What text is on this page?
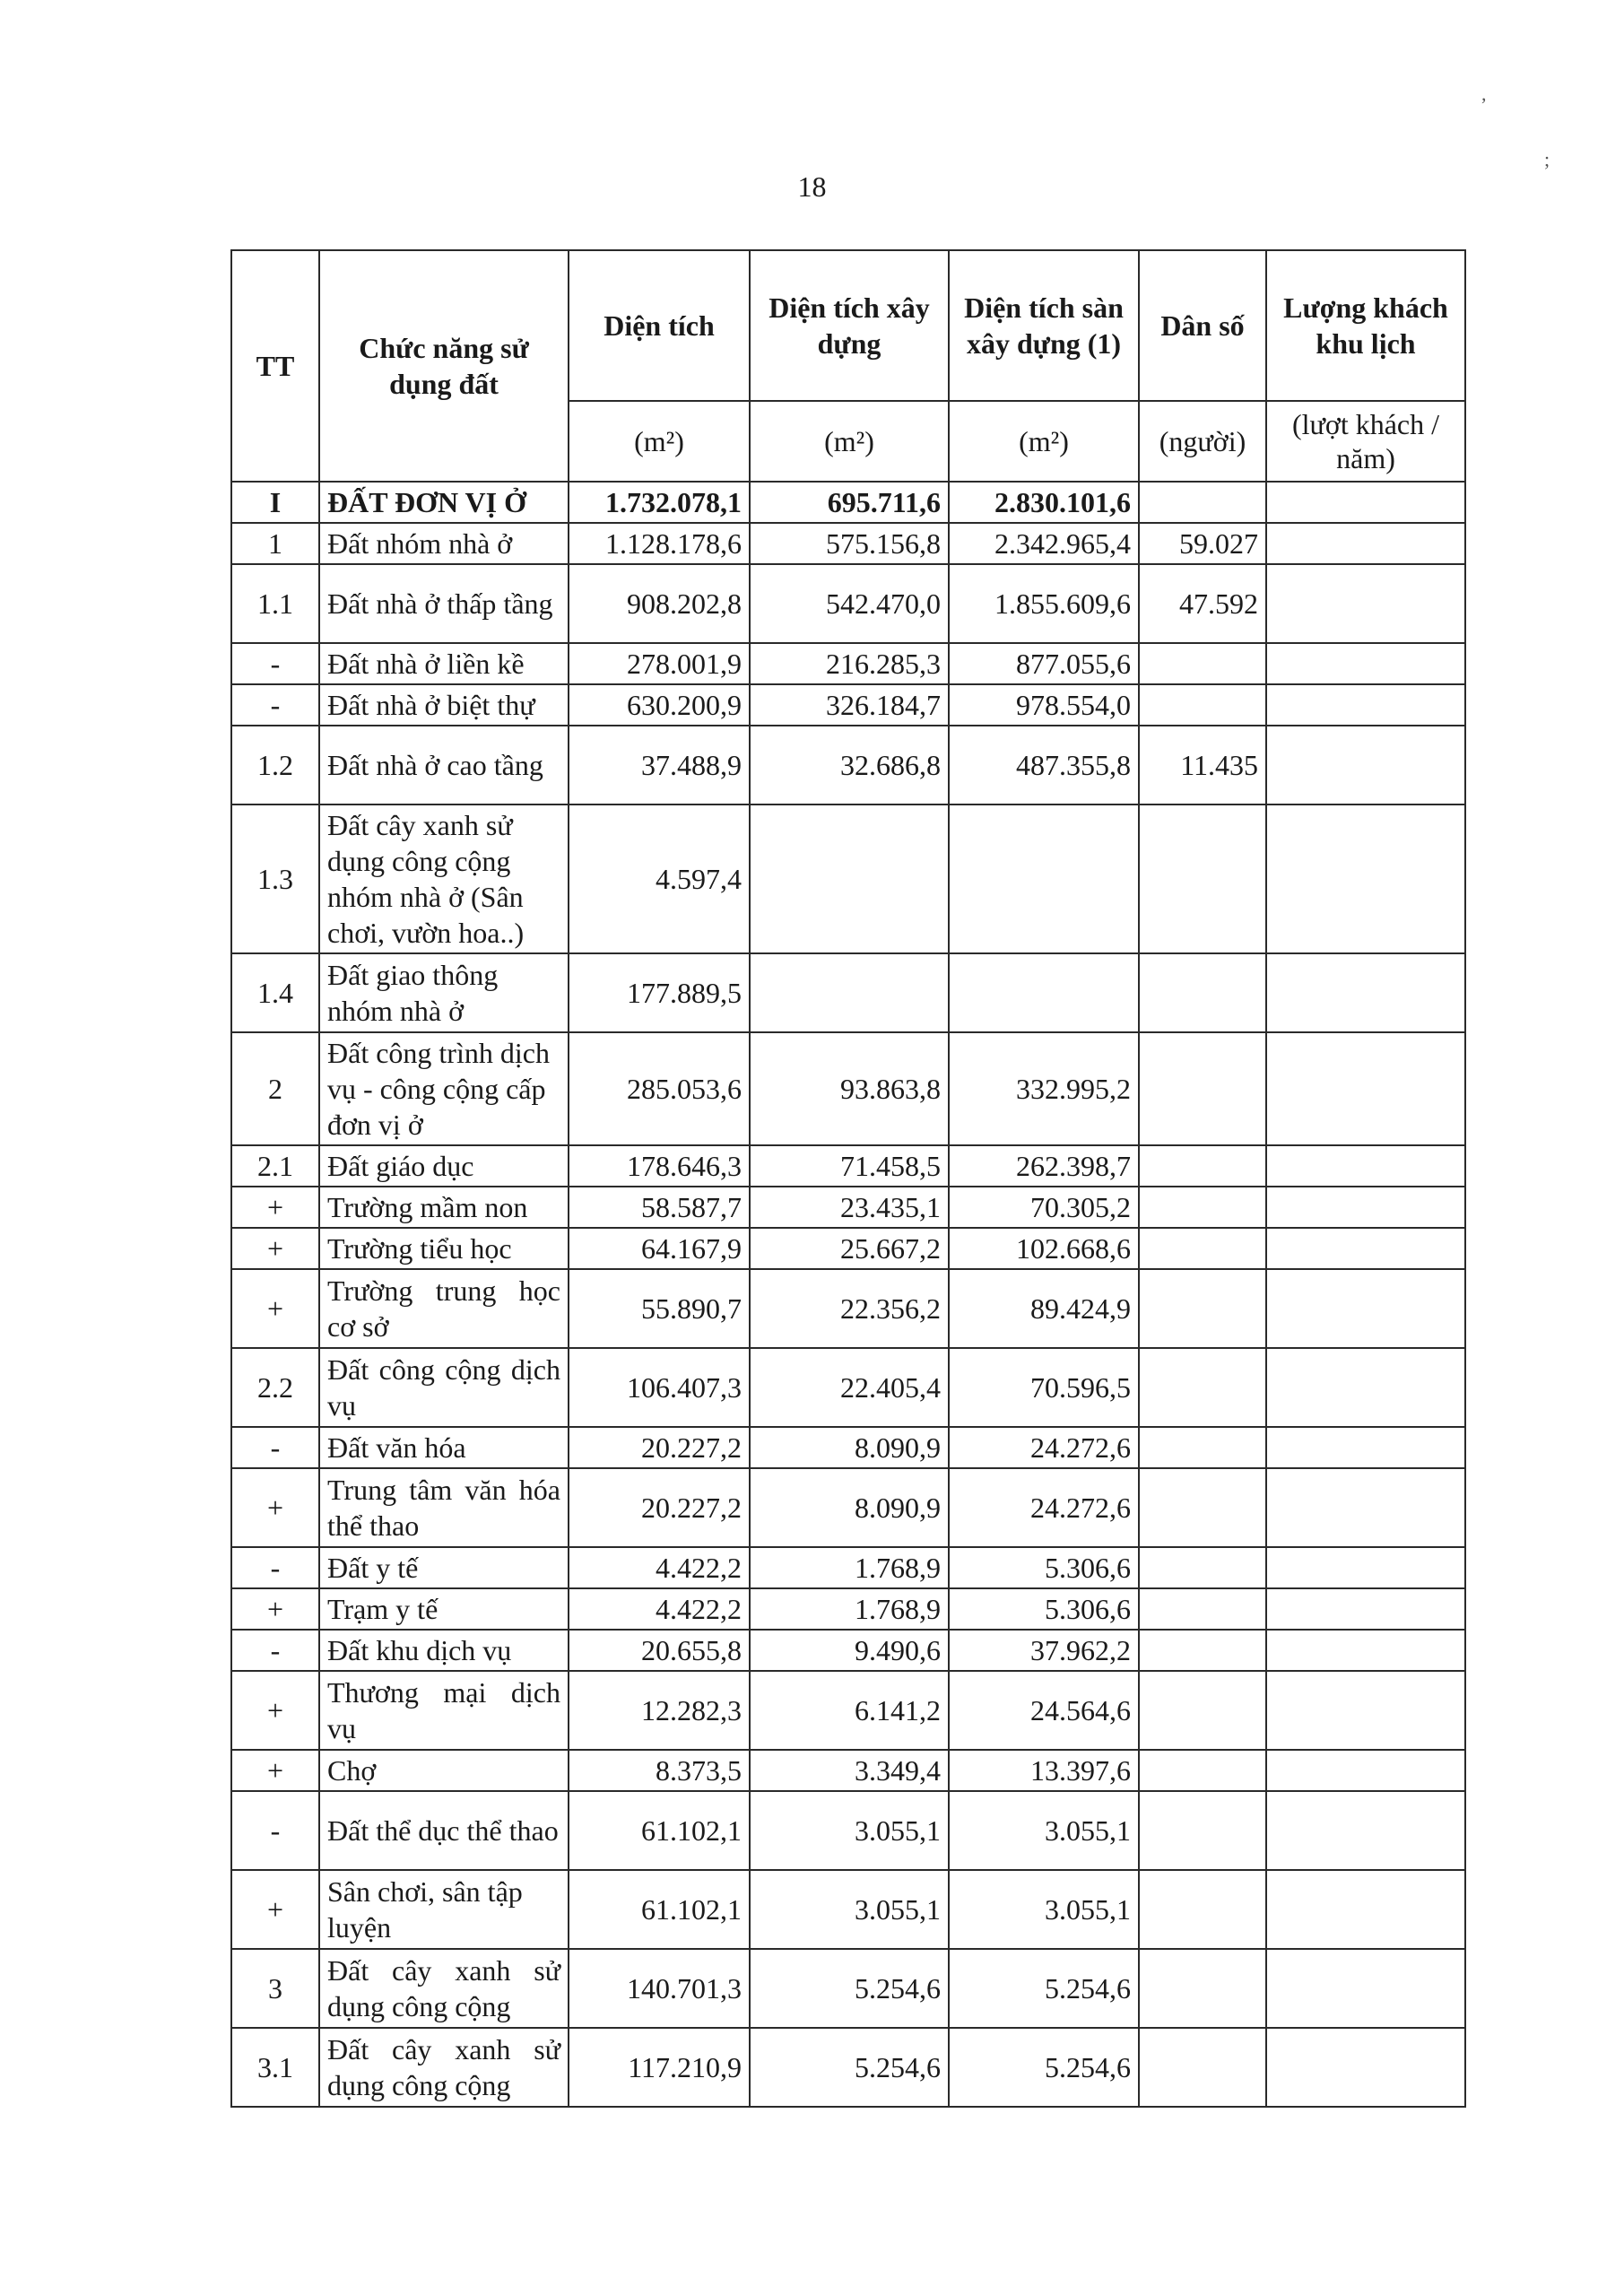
18
,
;
TT	Chức năng sử dụng đất	Diện tích	Diện tích xây dựng	Diện tích sàn xây dựng (1)	Dân số	Lượng khách khu lịch
		(m²)	(m²)	(m²)	(người)	(lượt khách / năm)
I	ĐẤT ĐƠN VỊ Ở	1.732.078,1	695.711,6	2.830.101,6		
1	Đất nhóm nhà ở	1.128.178,6	575.156,8	2.342.965,4	59.027	
1.1	Đất nhà ở thấp tầng	908.202,8	542.470,0	1.855.609,6	47.592	
-	Đất nhà ở liền kề	278.001,9	216.285,3	877.055,6		
-	Đất nhà ở biệt thự	630.200,9	326.184,7	978.554,0		
1.2	Đất nhà ở cao tầng	37.488,9	32.686,8	487.355,8	11.435	
1.3	Đất cây xanh sử dụng công cộng nhóm nhà ở (Sân chơi, vườn hoa..)	4.597,4				
1.4	Đất giao thông nhóm nhà ở	177.889,5				
2	Đất công trình dịch vụ - công cộng cấp đơn vị ở	285.053,6	93.863,8	332.995,2		
2.1	Đất giáo dục	178.646,3	71.458,5	262.398,7		
+	Trường mầm non	58.587,7	23.435,1	70.305,2		
+	Trường tiểu học	64.167,9	25.667,2	102.668,6		
+	Trường trung học cơ sở	55.890,7	22.356,2	89.424,9		
2.2	Đất công cộng dịch vụ	106.407,3	22.405,4	70.596,5		
-	Đất văn hóa	20.227,2	8.090,9	24.272,6		
+	Trung tâm văn hóa thể thao	20.227,2	8.090,9	24.272,6		
-	Đất y tế	4.422,2	1.768,9	5.306,6		
+	Trạm y tế	4.422,2	1.768,9	5.306,6		
-	Đất khu dịch vụ	20.655,8	9.490,6	37.962,2		
+	Thương mại dịch vụ	12.282,3	6.141,2	24.564,6		
+	Chợ	8.373,5	3.349,4	13.397,6		
-	Đất thể dục thể thao	61.102,1	3.055,1	3.055,1		
+	Sân chơi, sân tập luyện	61.102,1	3.055,1	3.055,1		
3	Đất cây xanh sử dụng công cộng	140.701,3	5.254,6	5.254,6		
3.1	Đất cây xanh sử dụng công cộng	117.210,9	5.254,6	5.254,6		
